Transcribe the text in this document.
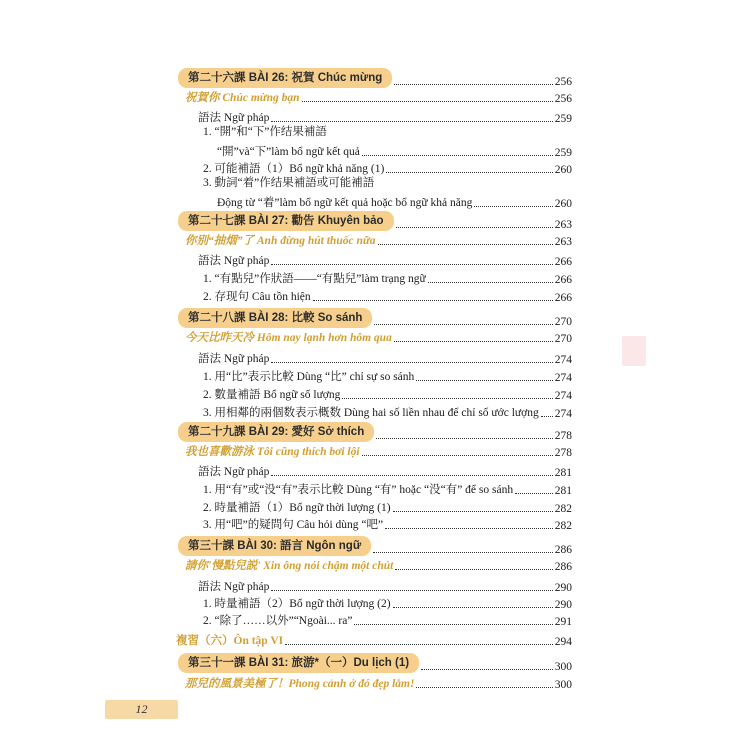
第二十六課 BÀI 26: 祝賀 Chúc mừng	256
祝賀你 Chúc mừng bạn	256
語法 Ngữ pháp	259
1. “開”和“下”作结果補語
“開”và“下”làm bổ ngữ kết quả	259
2. 可能補語（1）Bổ ngữ khả năng (1)	260
3. 動詞“着”作结果補語或可能補語
Động từ “着”làm bổ ngữ kết quả hoặc bổ ngữ khả năng	260
第二十七課 BÀI 27: 勸告 Khuyên bảo	263
你别“抽烟”了 Anh đừng hút thuốc nữa	263
語法 Ngữ pháp	266
1. “有點兒”作狀語——“有點兒”làm trạng ngữ	266
2. 存现句 Câu tồn hiện	266
第二十八課 BÀI 28: 比較 So sánh	270
今天比昨天冷 Hôm nay lạnh hơn hôm qua	270
語法 Ngữ pháp	274
1. 用“比”表示比較 Dùng “比” chỉ sự so sánh	274
2. 數量補語 Bổ ngữ số lượng	274
3. 用相鄰的兩個数表示概数 Dùng hai số liền nhau để chỉ số ước lượng 274
第二十九課 BÀI 29: 愛好 Sở thích	278
我也喜歡游泳 Tôi cũng thích bơi lội	278
語法 Ngữ pháp	281
1. 用“有”或“没“有”表示比較 Dùng “有” hoặc “没“有” để so sánh	281
2. 時量補語（1）Bổ ngữ thời lượng (1)	282
3. 用“吧”的疑問句 Câu hỏi dùng “吧”	282
第三十課 BÀI 30: 語言 Ngôn ngữ	286
請你'慢點兒説' Xin ông nói chậm một chút	286
語法 Ngữ pháp	290
1. 時量補語（2）Bổ ngữ thời lượng (2)	290
2. “除了……以外”“Ngoài... ra”	291
複習（六）Ôn tập VI	294
第三十一課 BÀI 31: 旅游*（一）Du lịch (1)	300
那兒的風景美極了！Phong cảnh ở đó đẹp lắm!	300
12
